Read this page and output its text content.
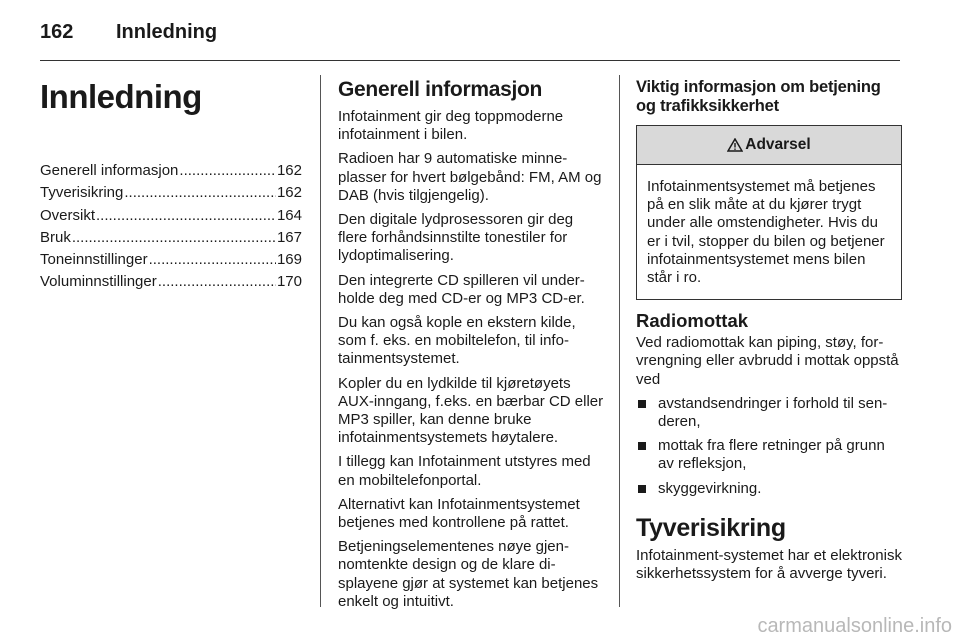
162	Innledning
Innledning
Generell informasjon .....	162
Tyverisikring .....	162
Oversikt .....	164
Bruk .....	167
Toneinnstillinger .....	169
Voluminnstillinger .....	170
Generell informasjon

Infotainment gir deg toppmoderne infotainment i bilen.

Radioen har 9 automatiske minneplasser for hvert bølgebånd: FM, AM og DAB (hvis tilgjengelig).

Den digitale lydprosessoren gir deg flere forhåndsinnstilte tonestiler for lydoptimalisering.

Den integrerte CD spilleren vil underholde deg med CD-er og MP3 CD-er.

Du kan også kople en ekstern kilde, som f. eks. en mobiltelefon, til infotainmentsystemet.

Kopler du en lydkilde til kjøretøyets AUX-inngang, f.eks. en bærbar CD eller MP3 spiller, kan denne bruke infotainmentsystemets høytalere.

I tillegg kan Infotainment utstyres med en mobiltelefonportal.

Alternativt kan Infotainmentsystemet betjenes med kontrollene på rattet.

Betjeningselementenes nøye gjennomtenkte design og de klare displayene gjør at systemet kan betjenes enkelt og intuitivt.

Viktig informasjon om betjening og trafikksikkerhet
Advarsel
Infotainmentsystemet må betjenes på en slik måte at du kjører trygt under alle omstendigheter. Hvis du er i tvil, stopper du bilen og betjener infotainmentsystemet mens bilen står i ro.
Radiomottak

Ved radiomottak kan piping, støy, forvrengning eller avbrudd i mottak oppstå ved

avstandsendringer i forhold til senderen,
mottak fra flere retninger på grunn av refleksjon,
skyggevirkning.
Tyverisikring

Infotainment-systemet har et elektronisk sikkerhetssystem for å avverge tyveri.

carmanualsonline.info
